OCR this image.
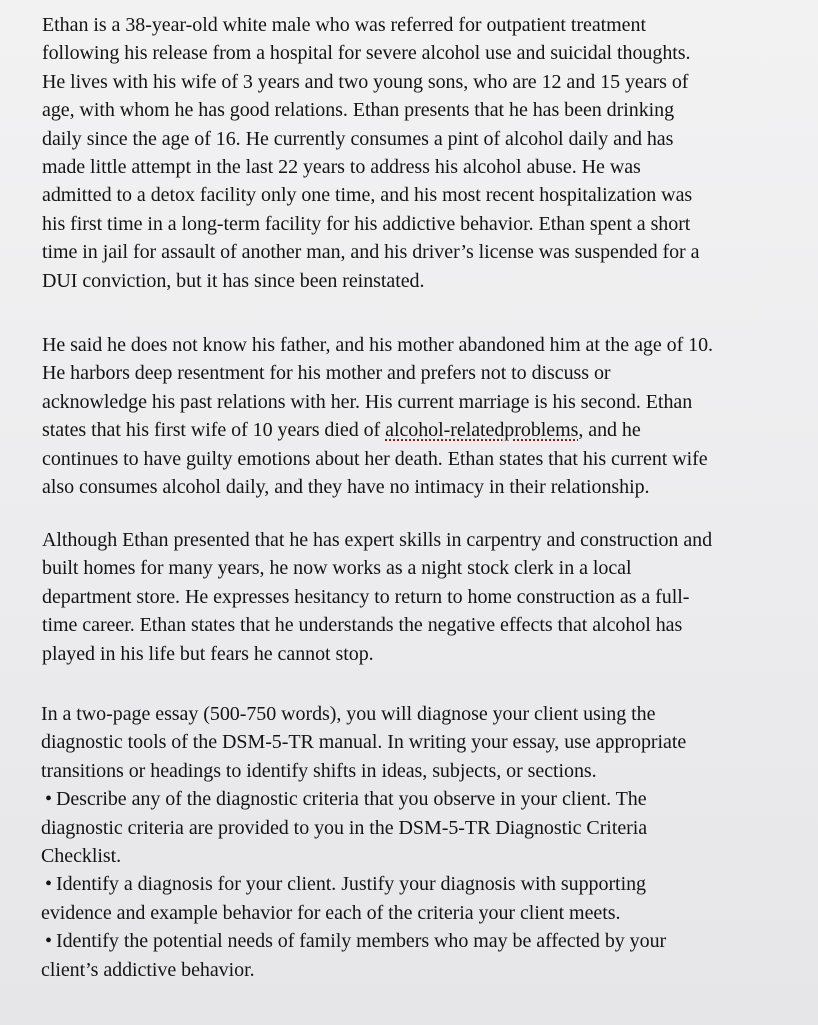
Ethan is a 38-year-old white male who was referred for outpatient treatment
following his release from a hospital for severe alcohol use and suicidal thoughts.
He lives with his wife of 3 years and two young sons, who are 12 and 15 years of
age, with whom he has good relations. Ethan presents that he has been drinking
daily since the age of 16. He currently consumes a pint of alcohol daily and has
made little attempt in the last 22 years to address his alcohol abuse. He was
admitted to a detox facility only one time, and his most recent hospitalization was
his first time in a long-term facility for his addictive behavior. Ethan spent a short
time in jail for assault of another man, and his driver’s license was suspended for a
DUI conviction, but it has since been reinstated.
He said he does not know his father, and his mother abandoned him at the age of 10.
He harbors deep resentment for his mother and prefers not to discuss or
acknowledge his past relations with her. His current marriage is his second. Ethan
states that his first wife of 10 years died of alcohol-relatedproblems, and he
continues to have guilty emotions about her death. Ethan states that his current wife
also consumes alcohol daily, and they have no intimacy in their relationship.
Although Ethan presented that he has expert skills in carpentry and construction and
built homes for many years, he now works as a night stock clerk in a local
department store. He expresses hesitancy to return to home construction as a full-
time career. Ethan states that he understands the negative effects that alcohol has
played in his life but fears he cannot stop.
In a two-page essay (500-750 words), you will diagnose your client using the
diagnostic tools of the DSM-5-TR manual. In writing your essay, use appropriate
transitions or headings to identify shifts in ideas, subjects, or sections.
• Describe any of the diagnostic criteria that you observe in your client. The
diagnostic criteria are provided to you in the DSM-5-TR Diagnostic Criteria
Checklist.
• Identify a diagnosis for your client. Justify your diagnosis with supporting
evidence and example behavior for each of the criteria your client meets.
• Identify the potential needs of family members who may be affected by your
client’s addictive behavior.
